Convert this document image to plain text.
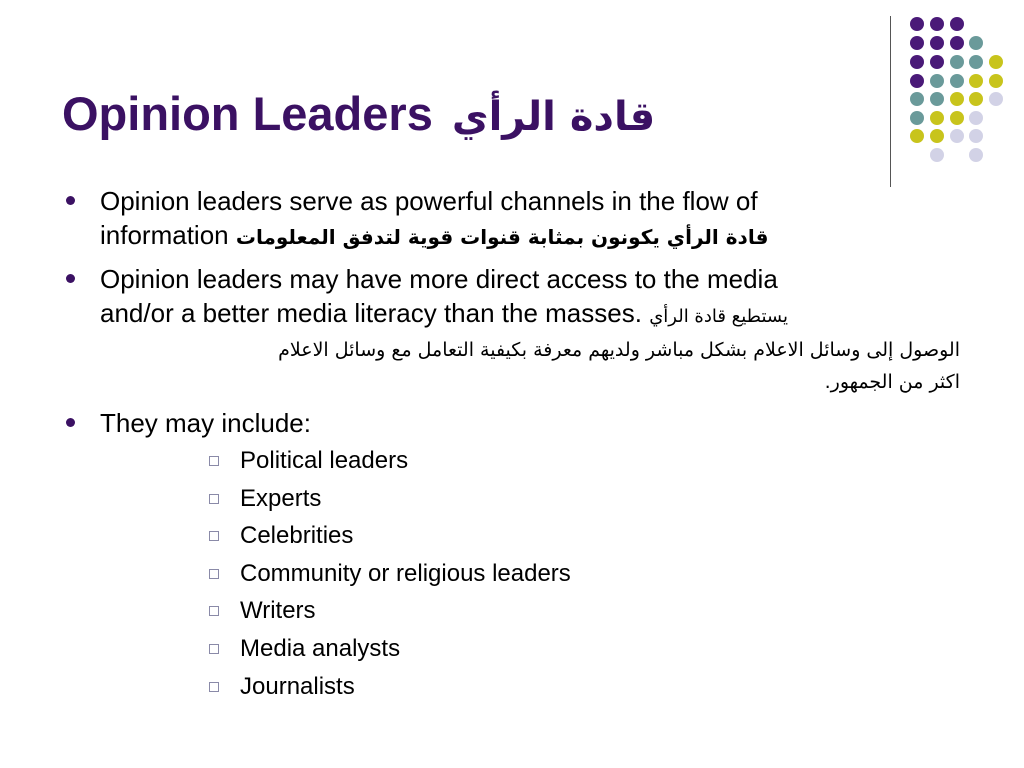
Opinion Leaders قادة الرأي
Opinion leaders serve as powerful channels in the flow of
information قادة الرأي يكونون بمثابة قنوات قوية لتدفق المعلومات
Opinion leaders may have more direct access to the media
and/or a better media literacy than the masses. يستطيع قادة الرأي
الوصول إلى وسائل الاعلام بشكل مباشر ولديهم معرفة بكيفية التعامل مع وسائل الاعلام
اكثر من الجمهور.
They may include:
Political leaders
Experts
Celebrities
Community or religious leaders
Writers
Media analysts
Journalists
